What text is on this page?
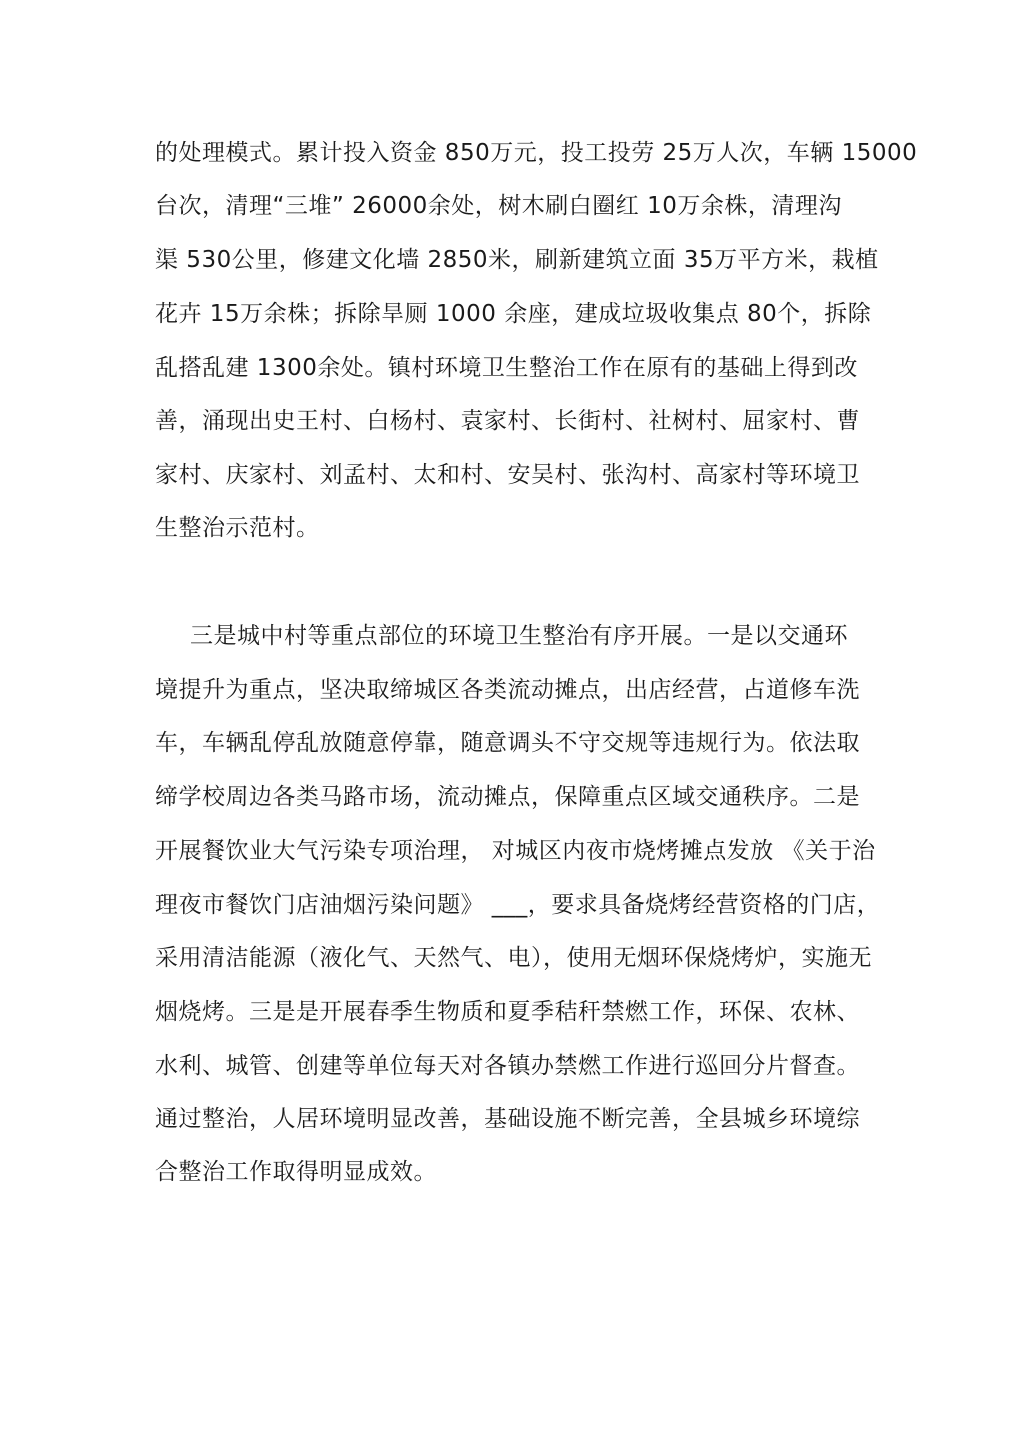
的处理模式。累计投入资金 850万元，投工投劳 25万人次，车辆 15000
台次，清理“三堆” 26000余处，树木刷白圈红 10万余株，清理沟
渠 530公里，修建文化墙 2850米，刷新建筑立面 35万平方米，栽植
花卉 15万余株；拆除旱厕 1000 余座，建成垃圾收集点 80个，拆除
乱搭乱建 1300余处。镇村环境卫生整治工作在原有的基础上得到改
善，涌现出史王村、白杨村、袁家村、长街村、社树村、屈家村、曹
家村、庆家村、刘孟村、太和村、安吴村、张沟村、高家村等环境卫
生整治示范村。
三是城中村等重点部位的环境卫生整治有序开展。一是以交通环
境提升为重点，坚决取缔城区各类流动摊点，出店经营，占道修车洗
车，车辆乱停乱放随意停靠，随意调头不守交规等违规行为。依法取
缔学校周边各类马路市场，流动摊点，保障重点区域交通秩序。二是
开展餐饮业大气污染专项治理， 对城区内夜市烧烤摊点发放 《关于治
理夜市餐饮门店油烟污染问题》 ___，要求具备烧烤经营资格的门店，
采用清洁能源（液化气、天然气、电），使用无烟环保烧烤炉，实施无
烟烧烤。三是是开展春季生物质和夏季秸秆禁燃工作，环保、农林、
水利、城管、创建等单位每天对各镇办禁燃工作进行巡回分片督查。
通过整治，人居环境明显改善，基础设施不断完善，全县城乡环境综
合整治工作取得明显成效。
